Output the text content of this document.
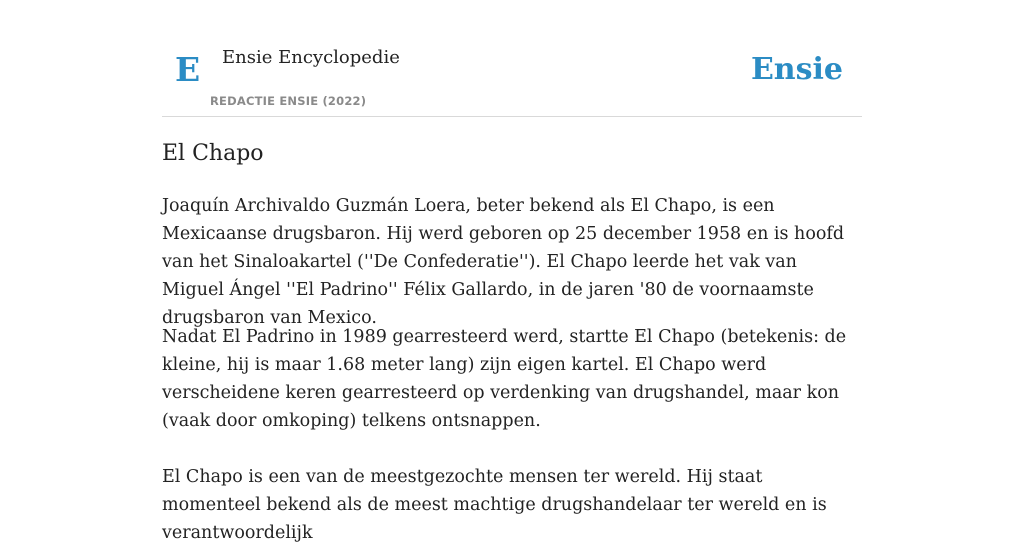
E Ensie Encyclopedie
REDACTIE ENSIE (2022)
Ensie
El Chapo

Joaquín Archivaldo Guzmán Loera, beter bekend als El Chapo, is een Mexicaanse drugsbaron. Hij werd geboren op 25 december 1958 en is hoofd van het Sinaloakartel (''De Confederatie''). El Chapo leerde het vak van Miguel Ángel ''El Padrino'' Félix Gallardo, in de jaren '80 de voornaamste drugsbaron van Mexico.

Nadat El Padrino in 1989 gearresteerd werd, startte El Chapo (betekenis: de kleine, hij is maar 1.68 meter lang) zijn eigen kartel. El Chapo werd verscheidene keren gearresteerd op verdenking van drugshandel, maar kon (vaak door omkoping) telkens ontsnappen.

El Chapo is een van de meestgezochte mensen ter wereld. Hij staat momenteel bekend als de meest machtige drugshandelaar ter wereld en is verantwoordelijk
